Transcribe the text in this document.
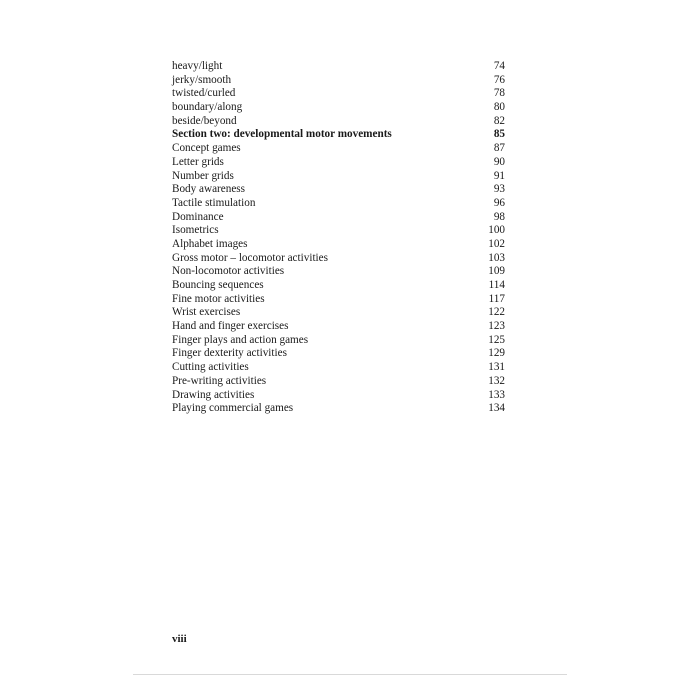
heavy/light	74
jerky/smooth	76
twisted/curled	78
boundary/along	80
beside/beyond	82
Section two: developmental motor movements	85
Concept games	87
Letter grids	90
Number grids	91
Body awareness	93
Tactile stimulation	96
Dominance	98
Isometrics	100
Alphabet images	102
Gross motor – locomotor activities	103
Non-locomotor activities	109
Bouncing sequences	114
Fine motor activities	117
Wrist exercises	122
Hand and finger exercises	123
Finger plays and action games	125
Finger dexterity activities	129
Cutting activities	131
Pre-writing activities	132
Drawing activities	133
Playing commercial games	134
viii
